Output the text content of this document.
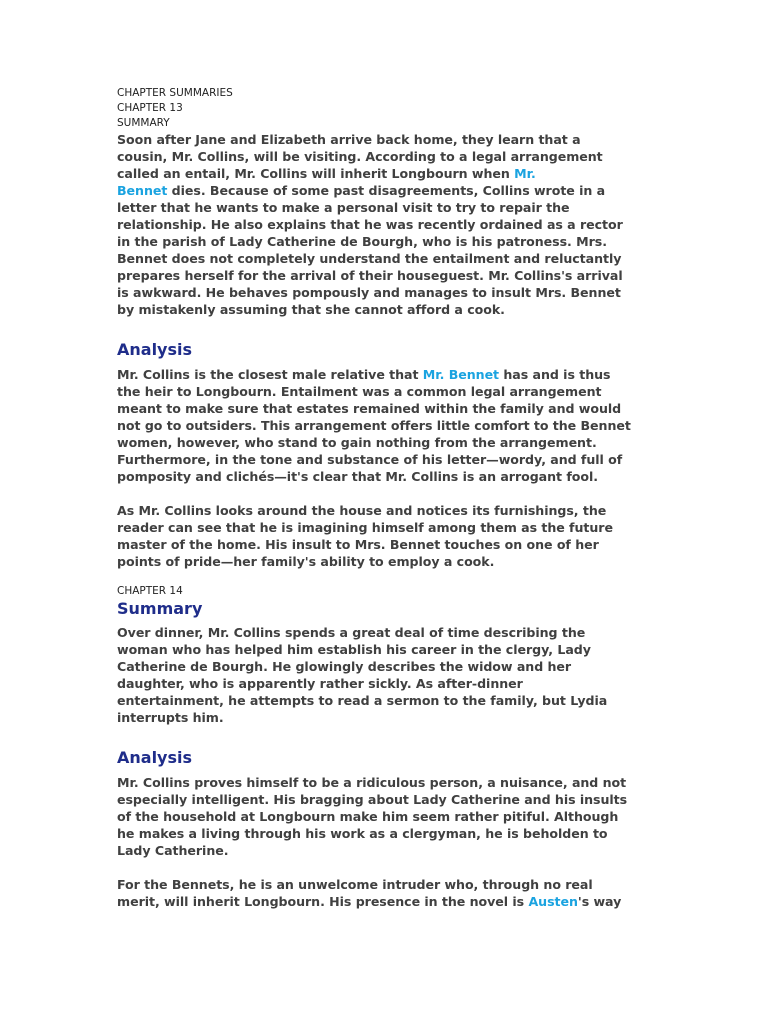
CHAPTER SUMMARIES

CHAPTER 13

SUMMARY

Soon after Jane and Elizabeth arrive back home, they learn that a
cousin, Mr. Collins, will be visiting. According to a legal arrangement
called an entail, Mr. Collins will inherit Longbourn when Mr.
Bennet dies. Because of some past disagreements, Collins wrote in a
letter that he wants to make a personal visit to try to repair the
relationship. He also explains that he was recently ordained as a rector
in the parish of Lady Catherine de Bourgh, who is his patroness. Mrs.
Bennet does not completely understand the entailment and reluctantly
prepares herself for the arrival of their houseguest. Mr. Collins's arrival
is awkward. He behaves pompously and manages to insult Mrs. Bennet
by mistakenly assuming that she cannot afford a cook.

Analysis

Mr. Collins is the closest male relative that Mr. Bennet has and is thus
the heir to Longbourn. Entailment was a common legal arrangement
meant to make sure that estates remained within the family and would
not go to outsiders. This arrangement offers little comfort to the Bennet
women, however, who stand to gain nothing from the arrangement.
Furthermore, in the tone and substance of his letter—wordy, and full of
pomposity and clichés—it's clear that Mr. Collins is an arrogant fool.
As Mr. Collins looks around the house and notices its furnishings, the
reader can see that he is imagining himself among them as the future
master of the home. His insult to Mrs. Bennet touches on one of her
points of pride—her family's ability to employ a cook.

CHAPTER 14

Summary

Over dinner, Mr. Collins spends a great deal of time describing the
woman who has helped him establish his career in the clergy, Lady
Catherine de Bourgh. He glowingly describes the widow and her
daughter, who is apparently rather sickly. As after-dinner
entertainment, he attempts to read a sermon to the family, but Lydia
interrupts him.

Analysis

Mr. Collins proves himself to be a ridiculous person, a nuisance, and not
especially intelligent. His bragging about Lady Catherine and his insults
of the household at Longbourn make him seem rather pitiful. Although
he makes a living through his work as a clergyman, he is beholden to
Lady Catherine.
For the Bennets, he is an unwelcome intruder who, through no real
merit, will inherit Longbourn. His presence in the novel is Austen's way
